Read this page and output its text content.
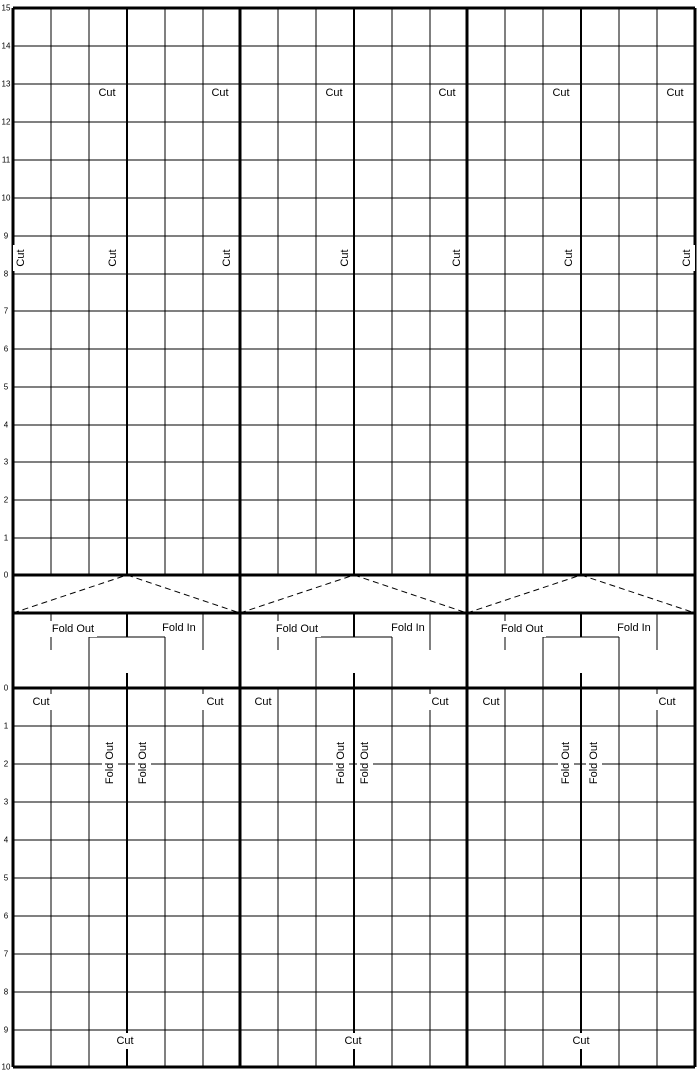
15
14
13
12
11
10
9
8
7
6
5
4
3
2
1
0
0
1
2
3
4
5
6
7
8
9
10
Cut	Cut	Cut	Cut	Cut	Cut
Cut	Cut	Cut	Cut	Cut	Cut	Cut
Fold Out	Fold Out	Fold Out
Fold In	Fold In	Fold In
Cut	Cut	Cut	Cut	Cut	Cut
Fold Out Fold Out	Fold Out Fold Out	Fold Out Fold Out
Cut	Cut	Cut
